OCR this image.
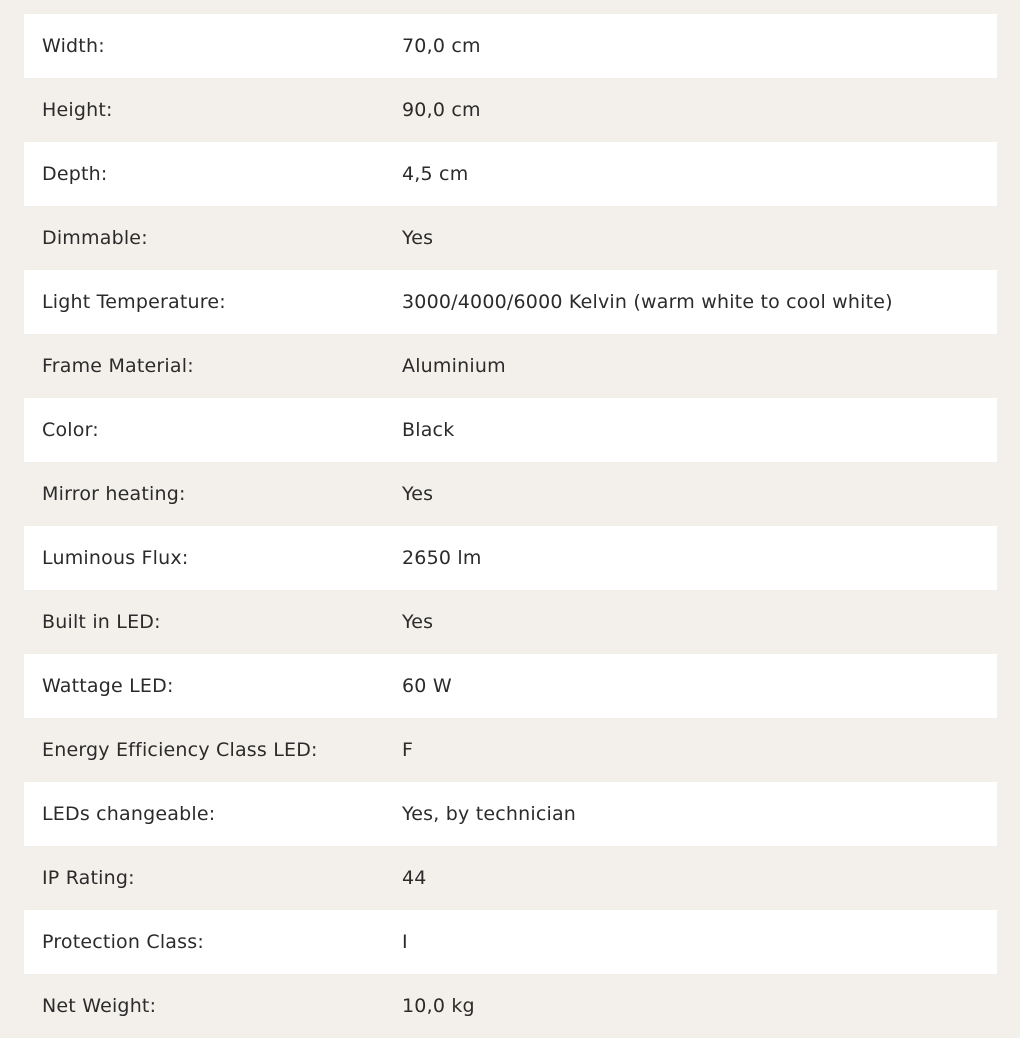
Width:	70,0 cm
Height:	90,0 cm
Depth:	4,5 cm
Dimmable:	Yes
Light Temperature:	3000/4000/6000 Kelvin (warm white to cool white)
Frame Material:	Aluminium
Color:	Black
Mirror heating:	Yes
Luminous Flux:	2650 lm
Built in LED:	Yes
Wattage LED:	60 W
Energy Efficiency Class LED:	F
LEDs changeable:	Yes, by technician
IP Rating:	44
Protection Class:	I
Net Weight:	10,0 kg
